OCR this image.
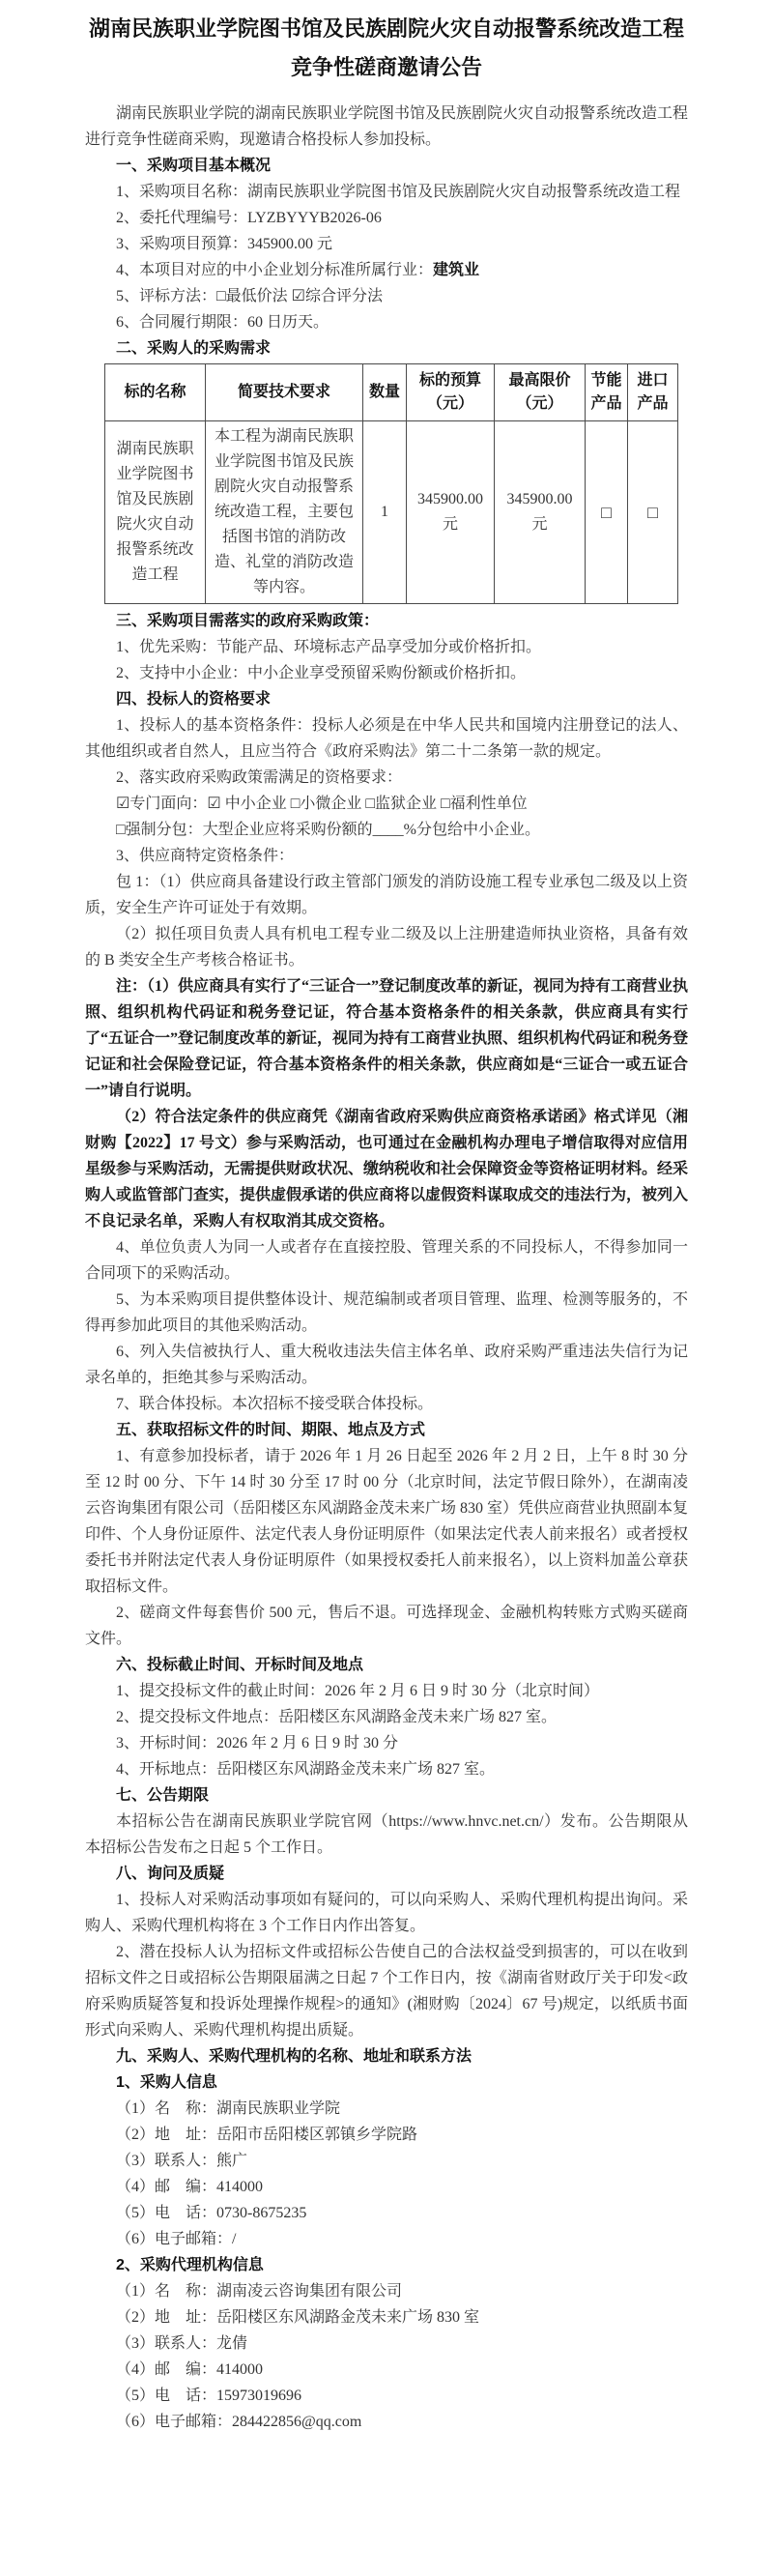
湖南民族职业学院图书馆及民族剧院火灾自动报警系统改造工程
竞争性磋商邀请公告

湖南民族职业学院的湖南民族职业学院图书馆及民族剧院火灾自动报警系统改造工程进行竞争性磋商采购，现邀请合格投标人参加投标。

一、采购项目基本概况

1、采购项目名称：湖南民族职业学院图书馆及民族剧院火灾自动报警系统改造工程

2、委托代理编号：LYZBYYYB2026-06

3、采购项目预算：345900.00 元

4、本项目对应的中小企业划分标准所属行业：建筑业

5、评标方法：□最低价法 ☑综合评分法

6、合同履行期限：60 日历天。

二、采购人的采购需求

标的名称	简要技术要求	数量	标的预算（元）	最高限价（元）	节能产品	进口产品
湖南民族职业学院图书馆及民族剧院火灾自动报警系统改造工程	本工程为湖南民族职业学院图书馆及民族剧院火灾自动报警系统改造工程，主要包括图书馆的消防改造、礼堂的消防改造等内容。	1	345900.00 元	345900.00 元	□	□

三、采购项目需落实的政府采购政策：

1、优先采购：节能产品、环境标志产品享受加分或价格折扣。

2、支持中小企业：中小企业享受预留采购份额或价格折扣。

四、投标人的资格要求

1、投标人的基本资格条件：投标人必须是在中华人民共和国境内注册登记的法人、其他组织或者自然人，且应当符合《政府采购法》第二十二条第一款的规定。

2、落实政府采购政策需满足的资格要求：

☑专门面向：☑ 中小企业 □小微企业 □监狱企业 □福利性单位

□强制分包：大型企业应将采购份额的____%分包给中小企业。

3、供应商特定资格条件：

包 1：（1）供应商具备建设行政主管部门颁发的消防设施工程专业承包二级及以上资质，安全生产许可证处于有效期。

（2）拟任项目负责人具有机电工程专业二级及以上注册建造师执业资格，具备有效的 B 类安全生产考核合格证书。

注：（1）供应商具有实行了“三证合一”登记制度改革的新证，视同为持有工商营业执照、组织机构代码证和税务登记证，符合基本资格条件的相关条款，供应商具有实行了“五证合一”登记制度改革的新证，视同为持有工商营业执照、组织机构代码证和税务登记证和社会保险登记证，符合基本资格条件的相关条款，供应商如是“三证合一或五证合一”请自行说明。

（2）符合法定条件的供应商凭《湖南省政府采购供应商资格承诺函》格式详见（湘财购【2022】17 号文）参与采购活动，也可通过在金融机构办理电子增信取得对应信用星级参与采购活动，无需提供财政状况、缴纳税收和社会保障资金等资格证明材料。经采购人或监管部门查实，提供虚假承诺的供应商将以虚假资料谋取成交的违法行为，被列入不良记录名单，采购人有权取消其成交资格。

4、单位负责人为同一人或者存在直接控股、管理关系的不同投标人，不得参加同一合同项下的采购活动。

5、为本采购项目提供整体设计、规范编制或者项目管理、监理、检测等服务的，不得再参加此项目的其他采购活动。

6、列入失信被执行人、重大税收违法失信主体名单、政府采购严重违法失信行为记录名单的，拒绝其参与采购活动。

7、联合体投标。本次招标不接受联合体投标。

五、获取招标文件的时间、期限、地点及方式

1、有意参加投标者，请于 2026 年 1 月 26 日起至 2026 年 2 月 2 日，上午 8 时 30 分至 12 时 00 分、下午 14 时 30 分至 17 时 00 分（北京时间，法定节假日除外），在湖南凌云咨询集团有限公司（岳阳楼区东风湖路金茂未来广场 830 室）凭供应商营业执照副本复印件、个人身份证原件、法定代表人身份证明原件（如果法定代表人前来报名）或者授权委托书并附法定代表人身份证明原件（如果授权委托人前来报名），以上资料加盖公章获取招标文件。

2、磋商文件每套售价 500 元，售后不退。可选择现金、金融机构转账方式购买磋商文件。

六、投标截止时间、开标时间及地点

1、提交投标文件的截止时间：2026 年 2 月 6 日 9 时 30 分（北京时间）

2、提交投标文件地点：岳阳楼区东风湖路金茂未来广场 827 室。

3、开标时间：2026 年 2 月 6 日 9 时 30 分

4、开标地点：岳阳楼区东风湖路金茂未来广场 827 室。

七、公告期限

本招标公告在湖南民族职业学院官网（https://www.hnvc.net.cn/）发布。公告期限从本招标公告发布之日起 5 个工作日。

八、询问及质疑

1、投标人对采购活动事项如有疑问的，可以向采购人、采购代理机构提出询问。采购人、采购代理机构将在 3 个工作日内作出答复。

2、潜在投标人认为招标文件或招标公告使自己的合法权益受到损害的，可以在收到招标文件之日或招标公告期限届满之日起 7 个工作日内，按《湖南省财政厅关于印发<政府采购质疑答复和投诉处理操作规程>的通知》(湘财购〔2024〕67 号)规定，以纸质书面形式向采购人、采购代理机构提出质疑。

九、采购人、采购代理机构的名称、地址和联系方法

1、采购人信息

（1）名　称：湖南民族职业学院

（2）地　址：岳阳市岳阳楼区郭镇乡学院路

（3）联系人：熊广

（4）邮　编：414000

（5）电　话：0730-8675235

（6）电子邮箱：/

2、采购代理机构信息

（1）名　称：湖南凌云咨询集团有限公司

（2）地　址：岳阳楼区东风湖路金茂未来广场 830 室

（3）联系人：龙倩

（4）邮　编：414000

（5）电　话：15973019696

（6）电子邮箱：284422856@qq.com
